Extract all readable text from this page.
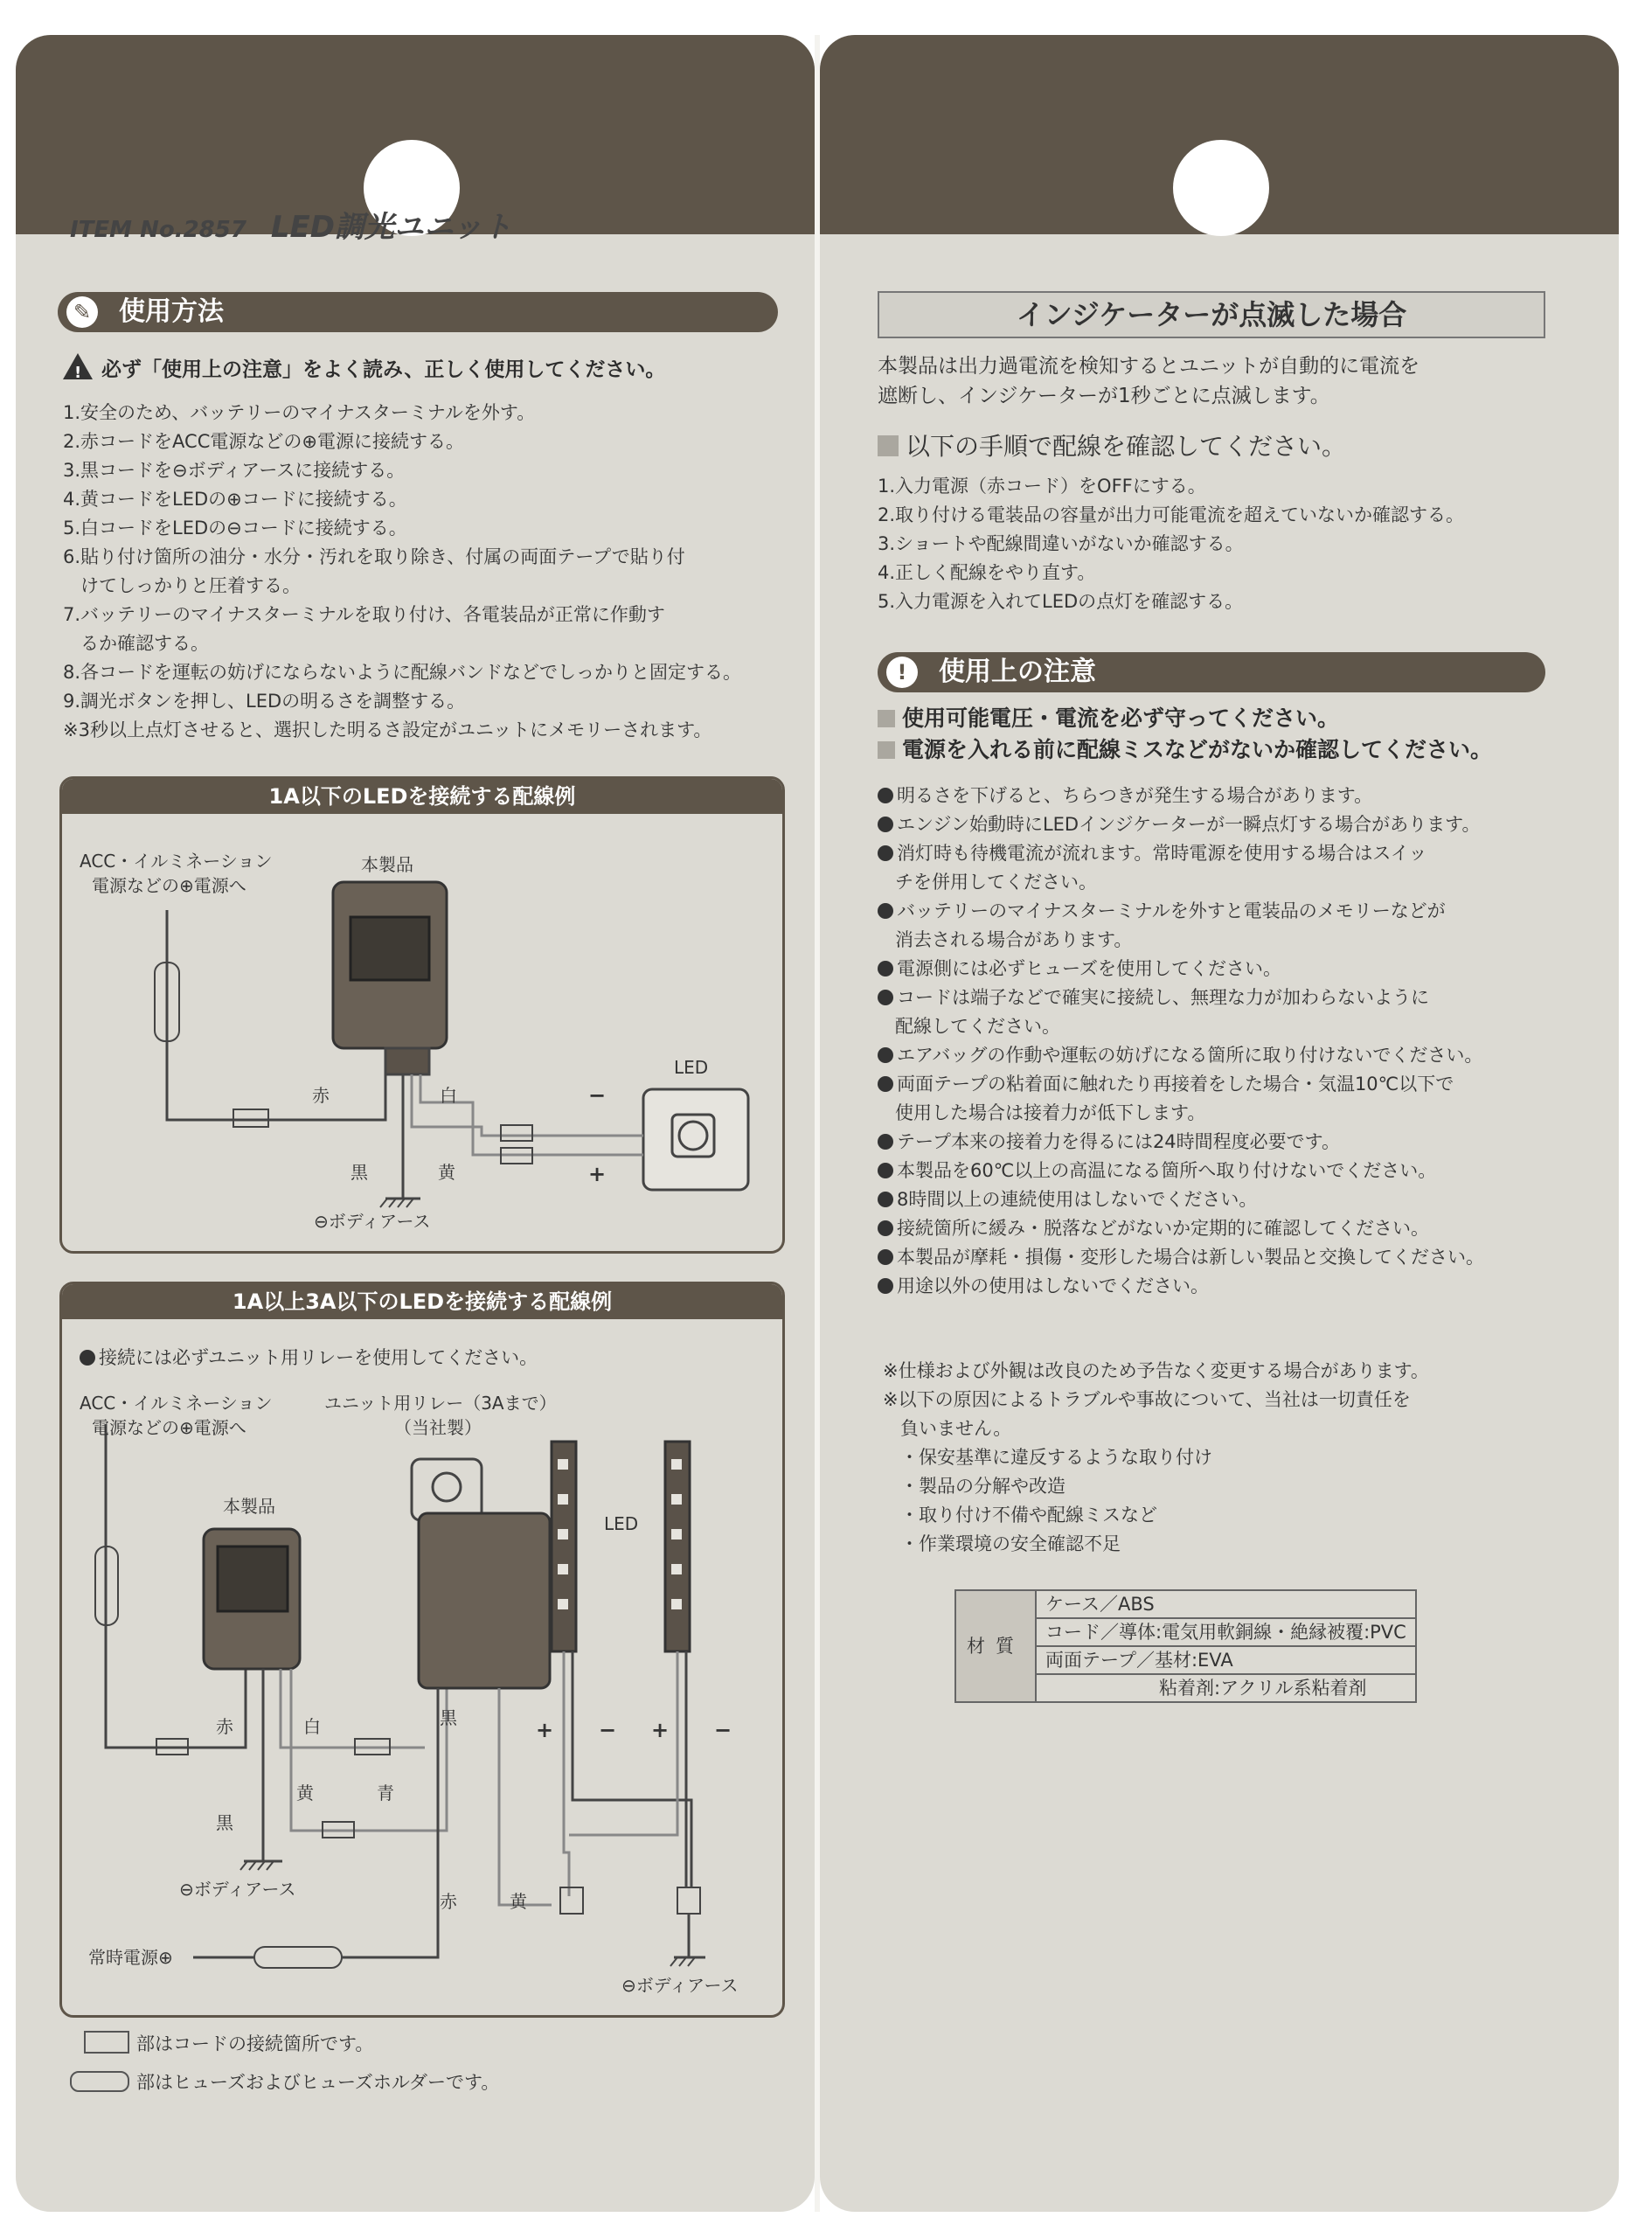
ITEM No.2857 LED調光ユニット
✎ 使用方法
!必ず「使用上の注意」をよく読み、正しく使用してください。
1.安全のため、バッテリーのマイナスターミナルを外す。
2.赤コードをACC電源などの⊕電源に接続する。
3.黒コードを⊖ボディアースに接続する。
4.黄コードをLEDの⊕コードに接続する。
5.白コードをLEDの⊖コードに接続する。
6.貼り付け箇所の油分・水分・汚れを取り除き、付属の両面テープで貼り付
けてしっかりと圧着する。
7.バッテリーのマイナスターミナルを取り付け、各電装品が正常に作動す
るか確認する。
8.各コードを運転の妨げにならないように配線バンドなどでしっかりと固定する。
9.調光ボタンを押し、LEDの明るさを調整する。
※3秒以上点灯させると、選択した明るさ設定がユニットにメモリーされます。
1A以下のLEDを接続する配線例
ACC・イルミネーション
電源などの⊕電源へ
本製品
LED
赤	白
黒	黄
−
+
⊖ボディアース
1A以上3A以下のLEDを接続する配線例
接続には必ずユニット用リレーを使用してください。
ACC・イルミネーション
電源などの⊕電源へ
ユニット用リレー（3Aまで）
（当社製）
本製品
LED
赤	白	黒
黄	青
黒
赤	黄
+ − + −
⊖ボディアース
常時電源⊕
⊖ボディアース
部はコードの接続箇所です。
部はヒューズおよびヒューズホルダーです。
インジケーターが点滅した場合
本製品は出力過電流を検知するとユニットが自動的に電流を
遮断し、インジケーターが1秒ごとに点滅します。
以下の手順で配線を確認してください。
1.入力電源（赤コード）をOFFにする。
2.取り付ける電装品の容量が出力可能電流を超えていないか確認する。
3.ショートや配線間違いがないか確認する。
4.正しく配線をやり直す。
5.入力電源を入れてLEDの点灯を確認する。
!	使用上の注意
使用可能電圧・電流を必ず守ってください。
電源を入れる前に配線ミスなどがないか確認してください。
明るさを下げると、ちらつきが発生する場合があります。
エンジン始動時にLEDインジケーターが一瞬点灯する場合があります。
消灯時も待機電流が流れます。常時電源を使用する場合はスイッ
チを併用してください。
バッテリーのマイナスターミナルを外すと電装品のメモリーなどが
消去される場合があります。
電源側には必ずヒューズを使用してください。
コードは端子などで確実に接続し、無理な力が加わらないように
配線してください。
エアバッグの作動や運転の妨げになる箇所に取り付けないでください。
両面テープの粘着面に触れたり再接着をした場合・気温10℃以下で
使用した場合は接着力が低下します。
テープ本来の接着力を得るには24時間程度必要です。
本製品を60℃以上の高温になる箇所へ取り付けないでください。
8時間以上の連続使用はしないでください。
接続箇所に緩み・脱落などがないか定期的に確認してください。
本製品が摩耗・損傷・変形した場合は新しい製品と交換してください。
用途以外の使用はしないでください。
※仕様および外観は改良のため予告なく変更する場合があります。
※以下の原因によるトラブルや事故について、当社は一切責任を
負いません。
・保安基準に違反するような取り付け
・製品の分解や改造
・取り付け不備や配線ミスなど
・作業環境の安全確認不足
材質	ケース／ABS
コード／導体:電気用軟銅線・絶縁被覆:PVC
両面テープ／基材:EVA
粘着剤:アクリル系粘着剤
